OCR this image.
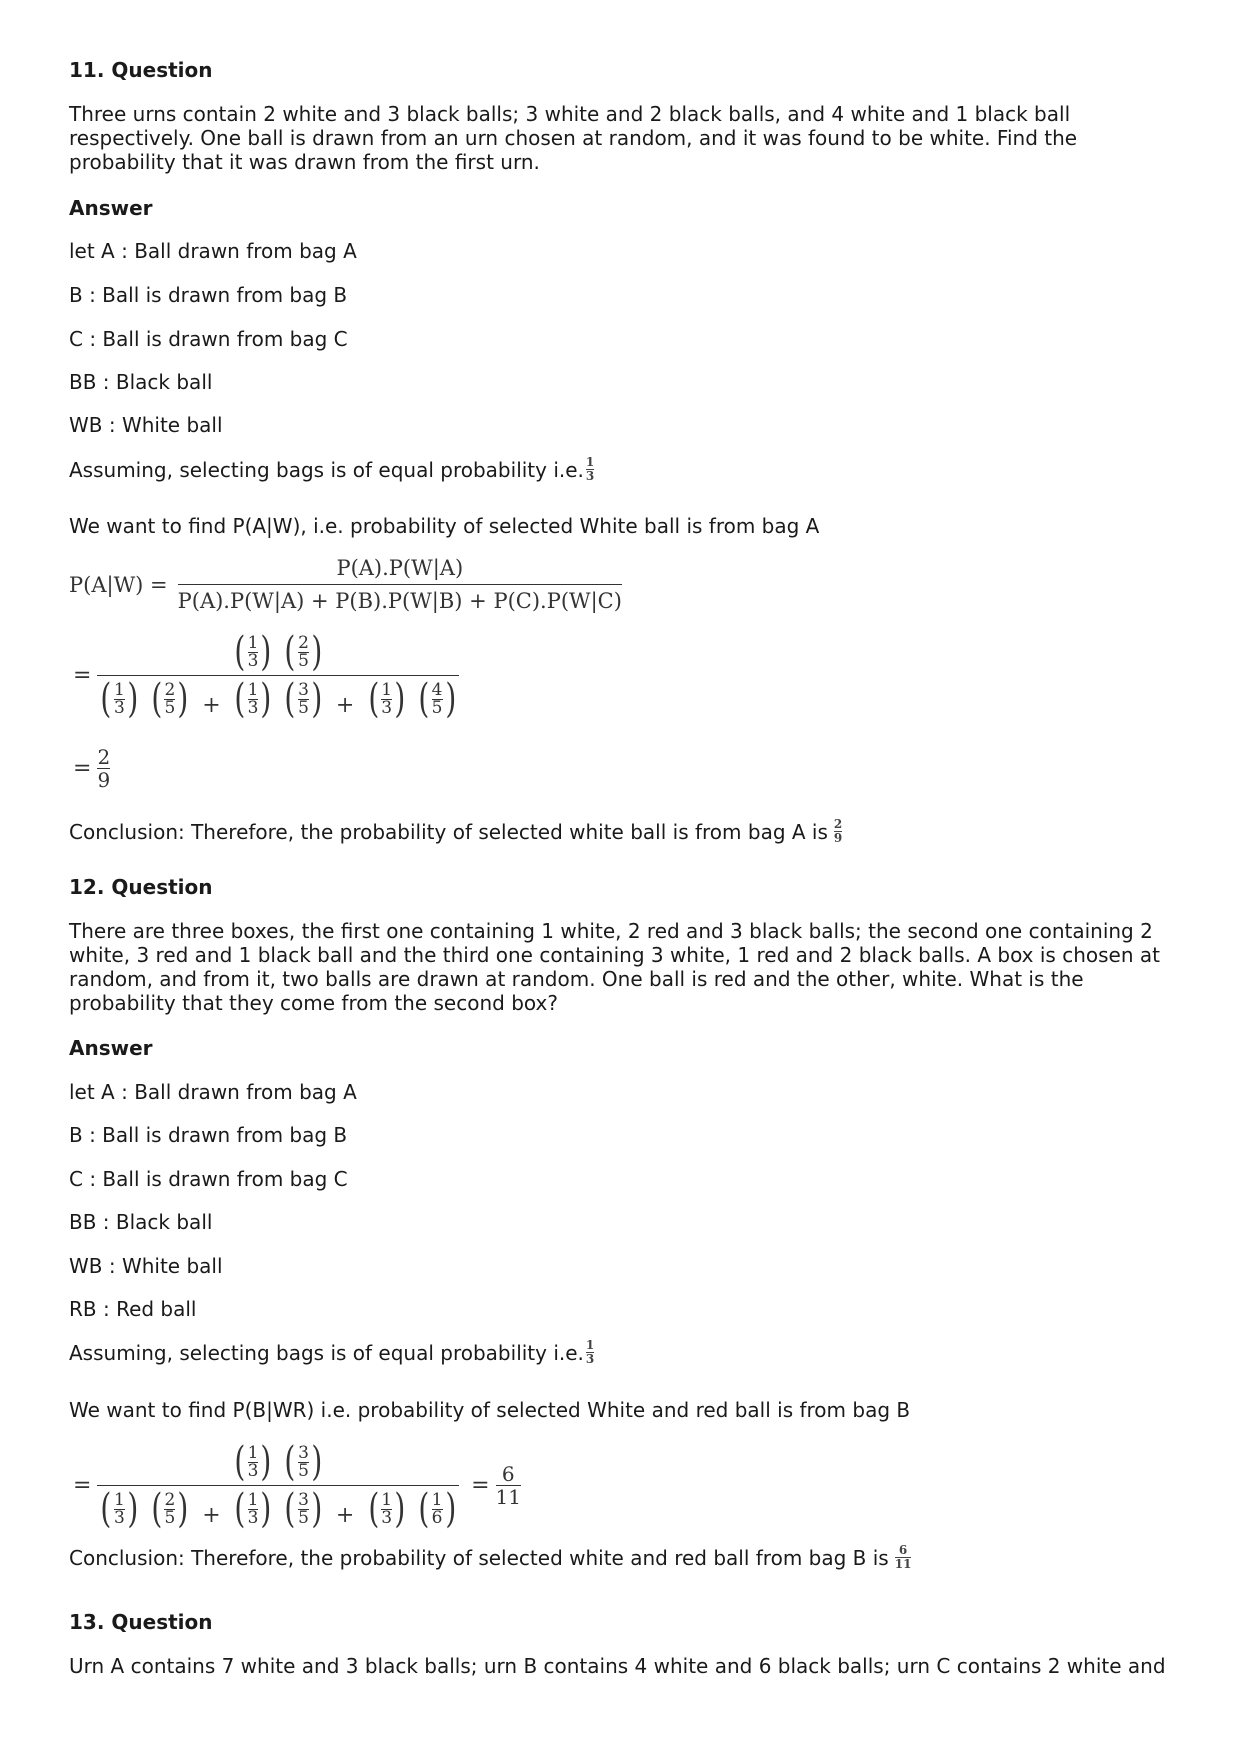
11. Question
Three urns contain 2 white and 3 black balls; 3 white and 2 black balls, and 4 white and 1 black ball respectively. One ball is drawn from an urn chosen at random, and it was found to be white. Find the probability that it was drawn from the first urn.
Answer
let A : Ball drawn from bag A
B : Ball is drawn from bag B
C : Ball is drawn from bag C
BB : Black ball
WB : White ball
Assuming, selecting bags is of equal probability i.e. $\frac{1}{3}$
We want to find P(A|W), i.e. probability of selected White ball is from bag A
$P(A|W) = \frac{P(A).P(W|A)}{P(A).P(W|A) + P(B).P(W|B) + P(C).P(W|C)}$
=	( $\frac{1}{3}$ )
( $\frac{2}{5}$ )
( $\frac{1}{3}$ )
( $\frac{2}{5}$ ) + ( $\frac{1}{3}$ )
( $\frac{3}{5}$ ) + ( $\frac{1}{3}$ )
( $\frac{4}{5}$ )
= $\frac{2}{9}$
Conclusion: Therefore, the probability of selected white ball is from bag A is $\frac{2}{9}$
12. Question
There are three boxes, the first one containing 1 white, 2 red and 3 black balls; the second one containing 2 white, 3 red and 1 black ball and the third one containing 3 white, 1 red and 2 black balls. A box is chosen at random, and from it, two balls are drawn at random. One ball is red and the other, white. What is the probability that they come from the second box?
Answer
let A : Ball drawn from bag A
B : Ball is drawn from bag B
C : Ball is drawn from bag C
BB : Black ball
WB : White ball
RB : Red ball
Assuming, selecting bags is of equal probability i.e. $\frac{1}{3}$
We want to find P(B|WR) i.e. probability of selected White and red ball is from bag B
=	( $\frac{1}{3}$ )
( $\frac{3}{5}$ )
( $\frac{1}{3}$ )
( $\frac{2}{5}$ ) + ( $\frac{1}{3}$ )
( $\frac{3}{5}$ ) + ( $\frac{1}{3}$ )
( $\frac{1}{6}$ )
= $\frac{6}{11}$
Conclusion: Therefore, the probability of selected white and red ball from bag B is $\frac{6}{11}$
13. Question
Urn A contains 7 white and 3 black balls; urn B contains 4 white and 6 black balls; urn C contains 2 white and
